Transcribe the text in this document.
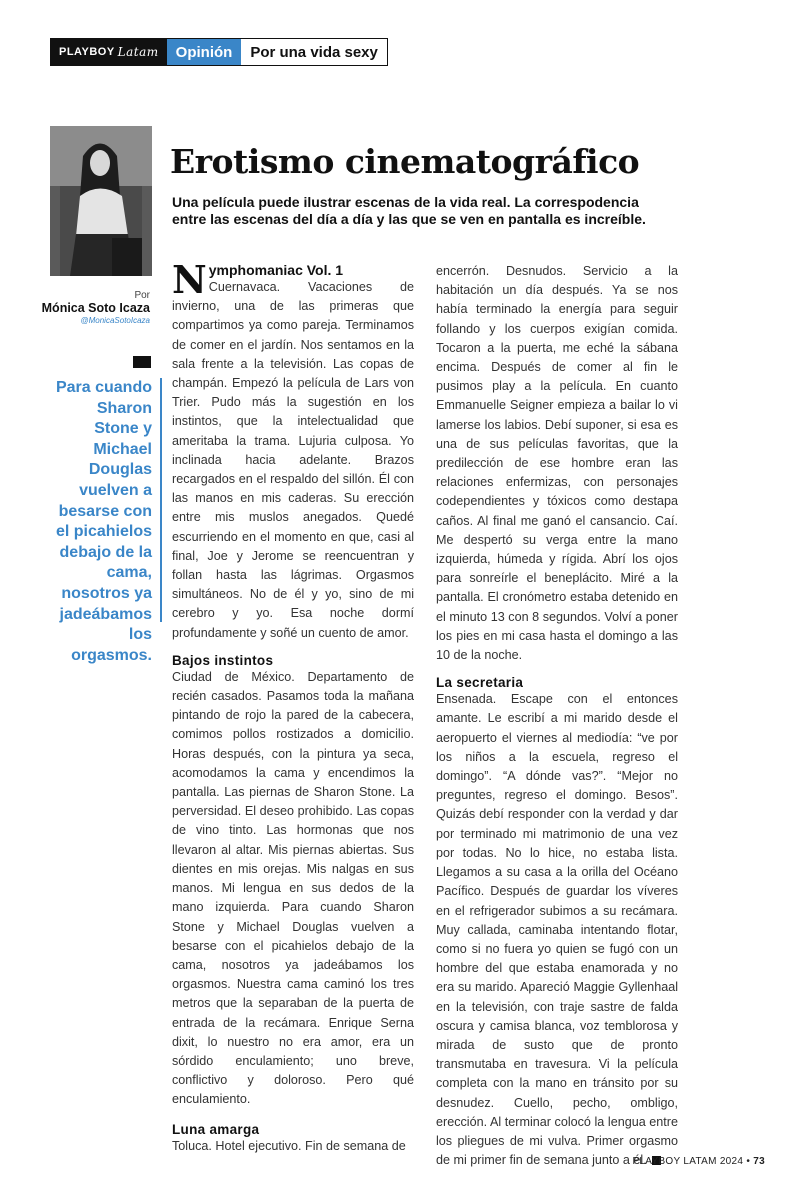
PLAYBOY Latam	Opinión	Por una vida sexy
Por
Mónica Soto Icaza
@MonicaSotoIcaza
Para cuando Sharon Stone y Michael Douglas vuelven a besarse con el picahielos debajo de la cama, nosotros ya jadeábamos los orgasmos.
Erotismo cinematográfico

Una película puede ilustrar escenas de la vida real. La correspodencia entre las escenas del día a día y las que se ven en pantalla es increíble.

N ymphomaniac Vol. 1

Cuernavaca. Vacaciones de invierno, una de las primeras que compartimos ya como pareja. Terminamos de comer en el jardín. Nos sentamos en la sala frente a la televisión. Las copas de champán. Empezó la película de Lars von Trier. Pudo más la sugestión en los instintos, que la intelectualidad que ameritaba la trama. Lujuria culposa. Yo inclinada hacia adelante. Brazos recargados en el respaldo del sillón. Él con las manos en mis caderas. Su erección entre mis muslos anegados. Quedé escurriendo en el momento en que, casi al final, Joe y Jerome se reencuentran y follan hasta las lágrimas. Orgasmos simultáneos. No de él y yo, sino de mi cerebro y yo. Esa noche dormí profundamente y soñé un cuento de amor.

Bajos instintos

Ciudad de México. Departamento de recién casados. Pasamos toda la mañana pintando de rojo la pared de la cabecera, comimos pollos rostizados a domicilio. Horas después, con la pintura ya seca, acomodamos la cama y encendimos la pantalla. Las piernas de Sharon Stone. La perversidad. El deseo prohibido. Las copas de vino tinto. Las hormonas que nos llevaron al altar. Mis piernas abiertas. Sus dientes en mis orejas. Mis nalgas en sus manos. Mi lengua en sus dedos de la mano izquierda. Para cuando Sharon Stone y Michael Douglas vuelven a besarse con el picahielos debajo de la cama, nosotros ya jadeábamos los orgasmos. Nuestra cama caminó los tres metros que la separaban de la puerta de entrada de la recámara. Enrique Serna dixit, lo nuestro no era amor, era un sórdido enculamiento; uno breve, conflictivo y doloroso. Pero qué enculamiento.

Luna amarga

Toluca. Hotel ejecutivo. Fin de semana de

encerrón. Desnudos. Servicio a la habitación un día después. Ya se nos había terminado la energía para seguir follando y los cuerpos exigían comida. Tocaron a la puerta, me eché la sábana encima. Después de comer al fin le pusimos play a la película. En cuanto Emmanuelle Seigner empieza a bailar lo vi lamerse los labios. Debí suponer, si esa es una de sus películas favoritas, que la predilección de ese hombre eran las relaciones enfermizas, con personajes codependientes y tóxicos como destapa caños. Al final me ganó el cansancio. Caí. Me despertó su verga entre la mano izquierda, húmeda y rígida. Abrí los ojos para sonreírle el beneplácito. Miré a la pantalla. El cronómetro estaba detenido en el minuto 13 con 8 segundos. Volví a poner los pies en mi casa hasta el domingo a las 10 de la noche.

La secretaria

Ensenada. Escape con el entonces amante. Le escribí a mi marido desde el aeropuerto el viernes al mediodía: “ve por los niños a la escuela, regreso el domingo”. “A dónde vas?”. “Mejor no preguntes, regreso el domingo. Besos”. Quizás debí responder con la verdad y dar por terminado mi matrimonio de una vez por todas. No lo hice, no estaba lista. Llegamos a su casa a la orilla del Océano Pacífico. Después de guardar los víveres en el refrigerador subimos a su recámara. Muy callada, caminaba intentando flotar, como si no fuera yo quien se fugó con un hombre del que estaba enamorada y no era su marido. Apareció Maggie Gyllenhaal en la televisión, con traje sastre de falda oscura y camisa blanca, voz temblorosa y mirada de susto que de pronto transmutaba en travesura. Vi la película completa con la mano en tránsito por su desnudez. Cuello, pecho, ombligo, erección. Al terminar colocó la lengua entre los pliegues de mi vulva. Primer orgasmo de mi primer fin de semana junto a él.

PLAYBOY LATAM 2024 • 73
